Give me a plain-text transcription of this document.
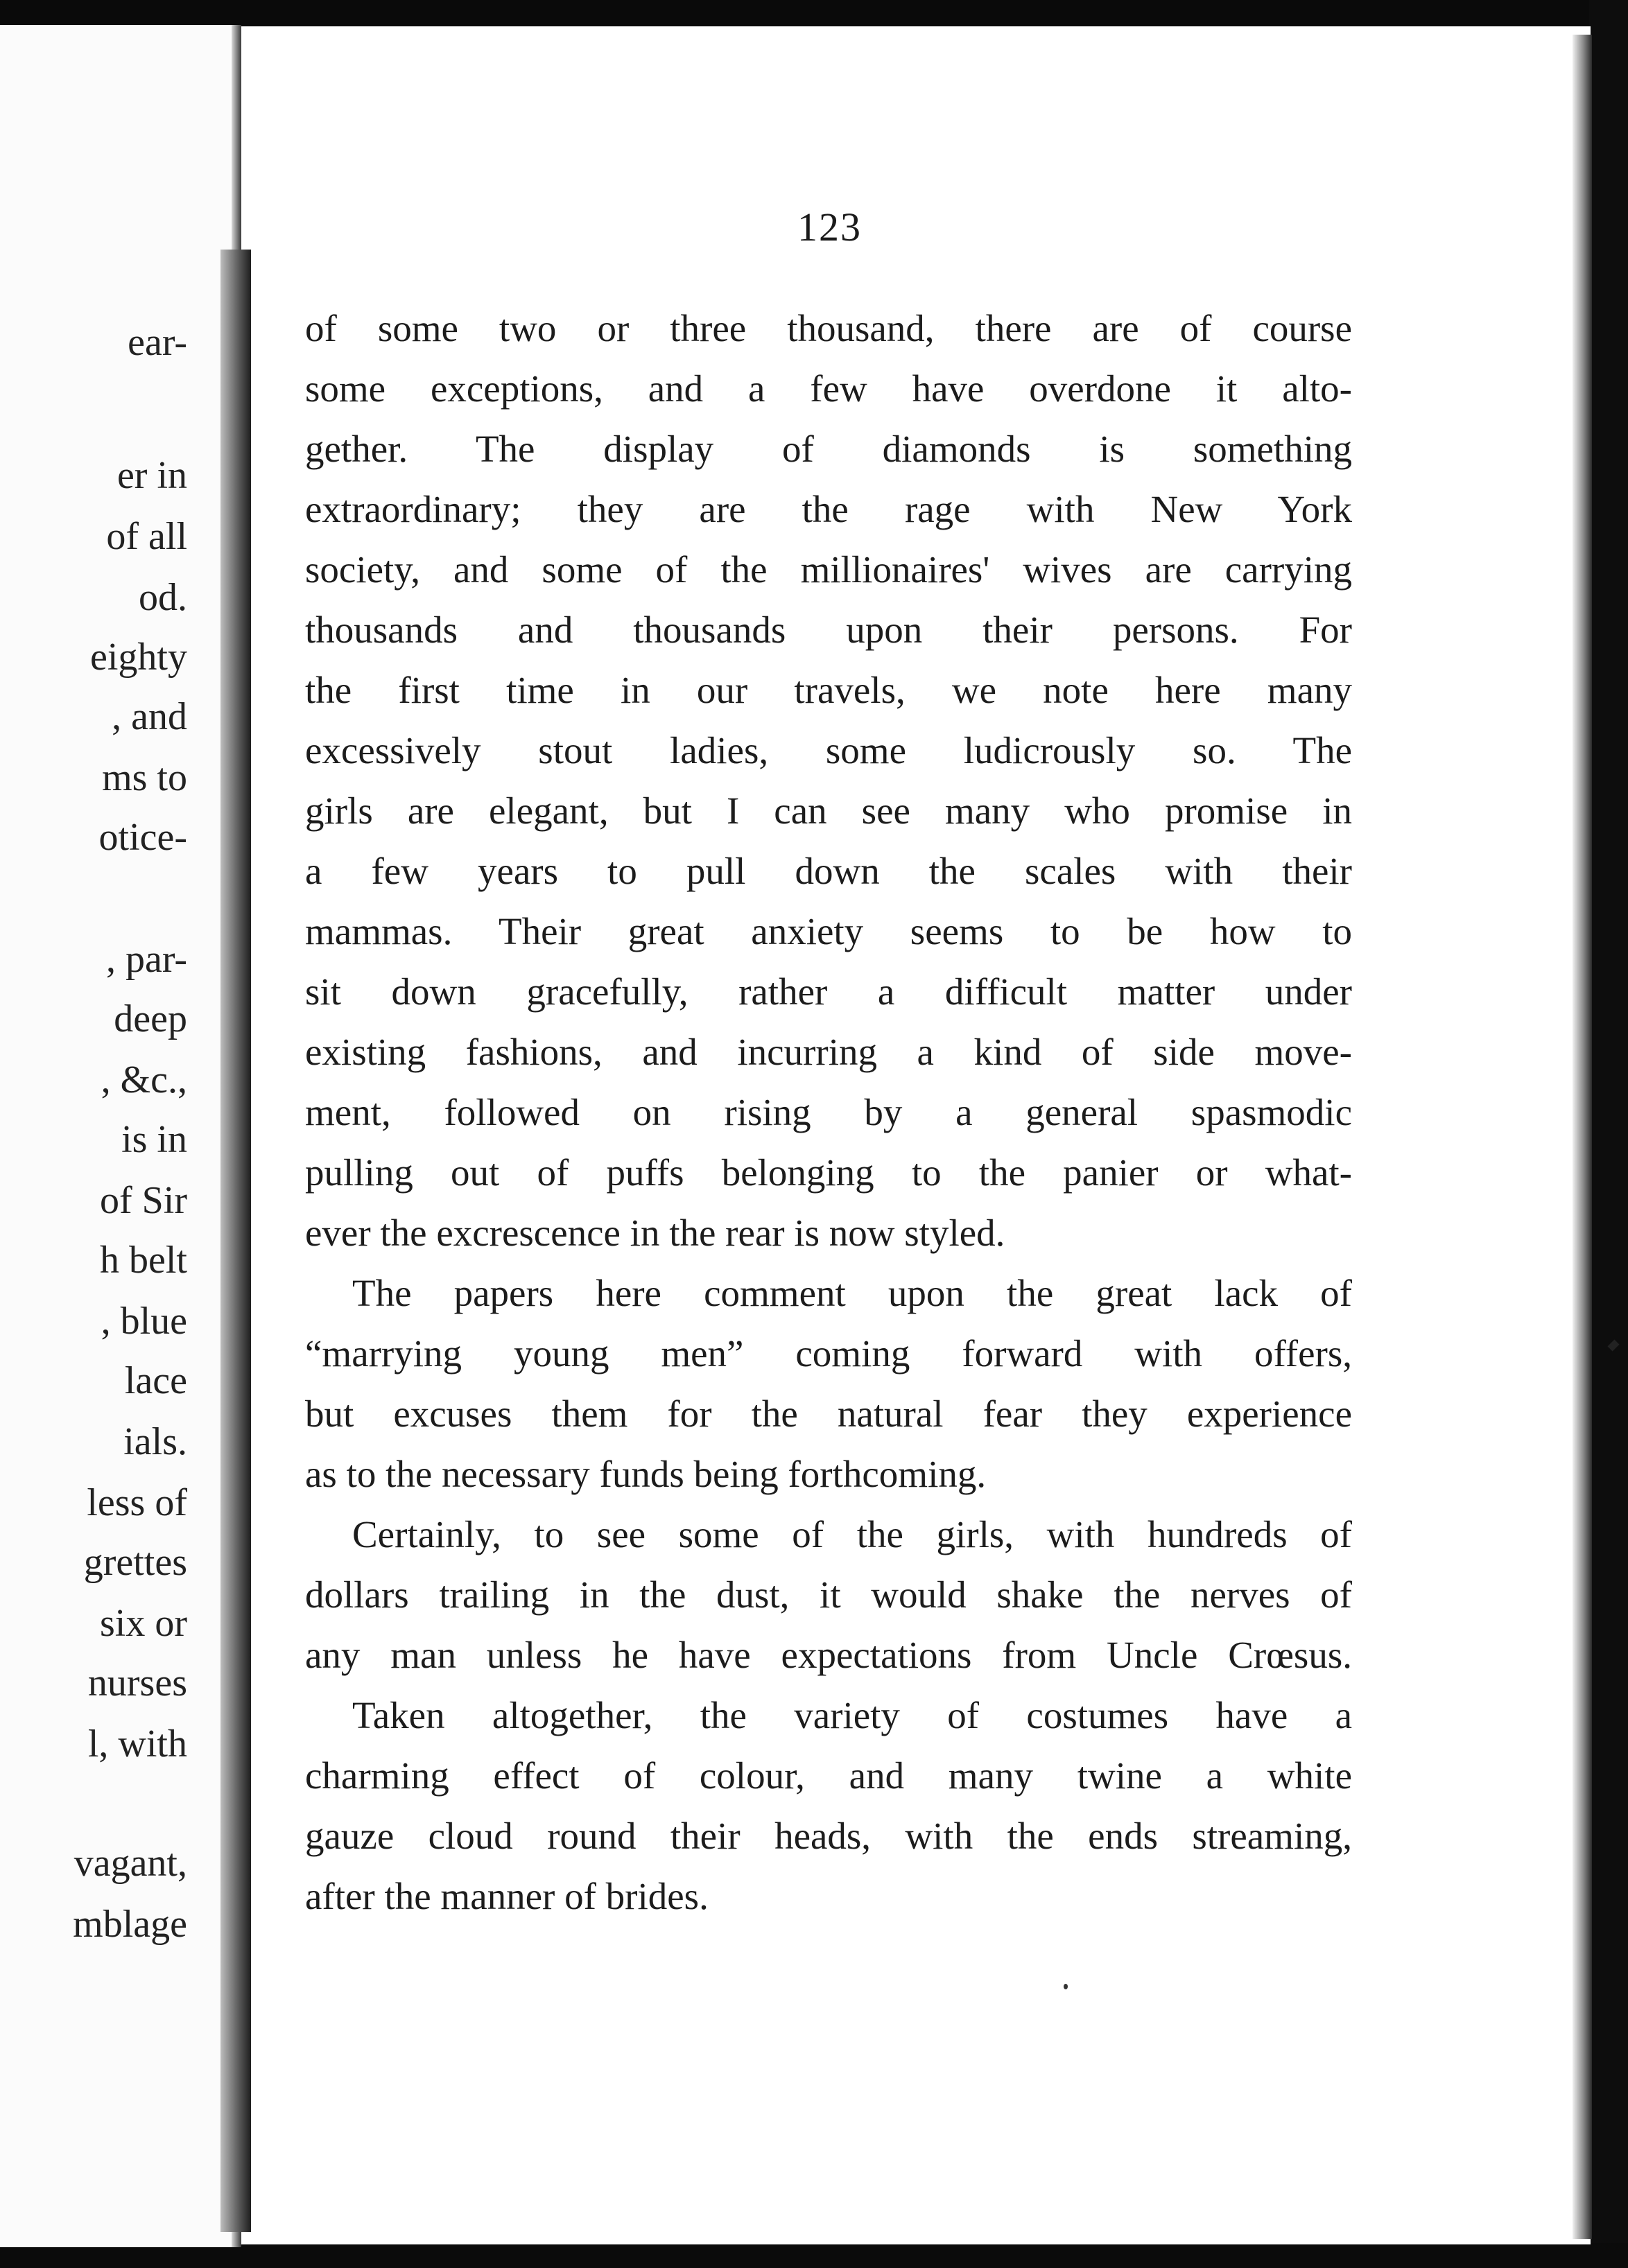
ear-
er in
of all
od.
eighty
, and
ms to
otice-
, par-
deep
, &c.,
is in
of Sir
h belt
, blue
lace
ials.
less of
grettes
six or
nurses
l, with
vagant,
mblage
123
of some two or three thousand, there are of course
some exceptions, and a few have overdone it alto-
gether. The display of diamonds is something
extraordinary; they are the rage with New York
society, and some of the millionaires' wives are carrying
thousands and thousands upon their persons. For
the first time in our travels, we note here many
excessively stout ladies, some ludicrously so. The
girls are elegant, but I can see many who promise in
a few years to pull down the scales with their
mammas. Their great anxiety seems to be how to
sit down gracefully, rather a difficult matter under
existing fashions, and incurring a kind of side move-
ment, followed on rising by a general spasmodic
pulling out of puffs belonging to the panier or what-
ever the excrescence in the rear is now styled.
The papers here comment upon the great lack of
“marrying young men” coming forward with offers,
but excuses them for the natural fear they experience
as to the necessary funds being forthcoming.
Certainly, to see some of the girls, with hundreds of
dollars trailing in the dust, it would shake the nerves of
any man unless he have expectations from Uncle Crœsus.
Taken altogether, the variety of costumes have a
charming effect of colour, and many twine a white
gauze cloud round their heads, with the ends streaming,
after the manner of brides.
